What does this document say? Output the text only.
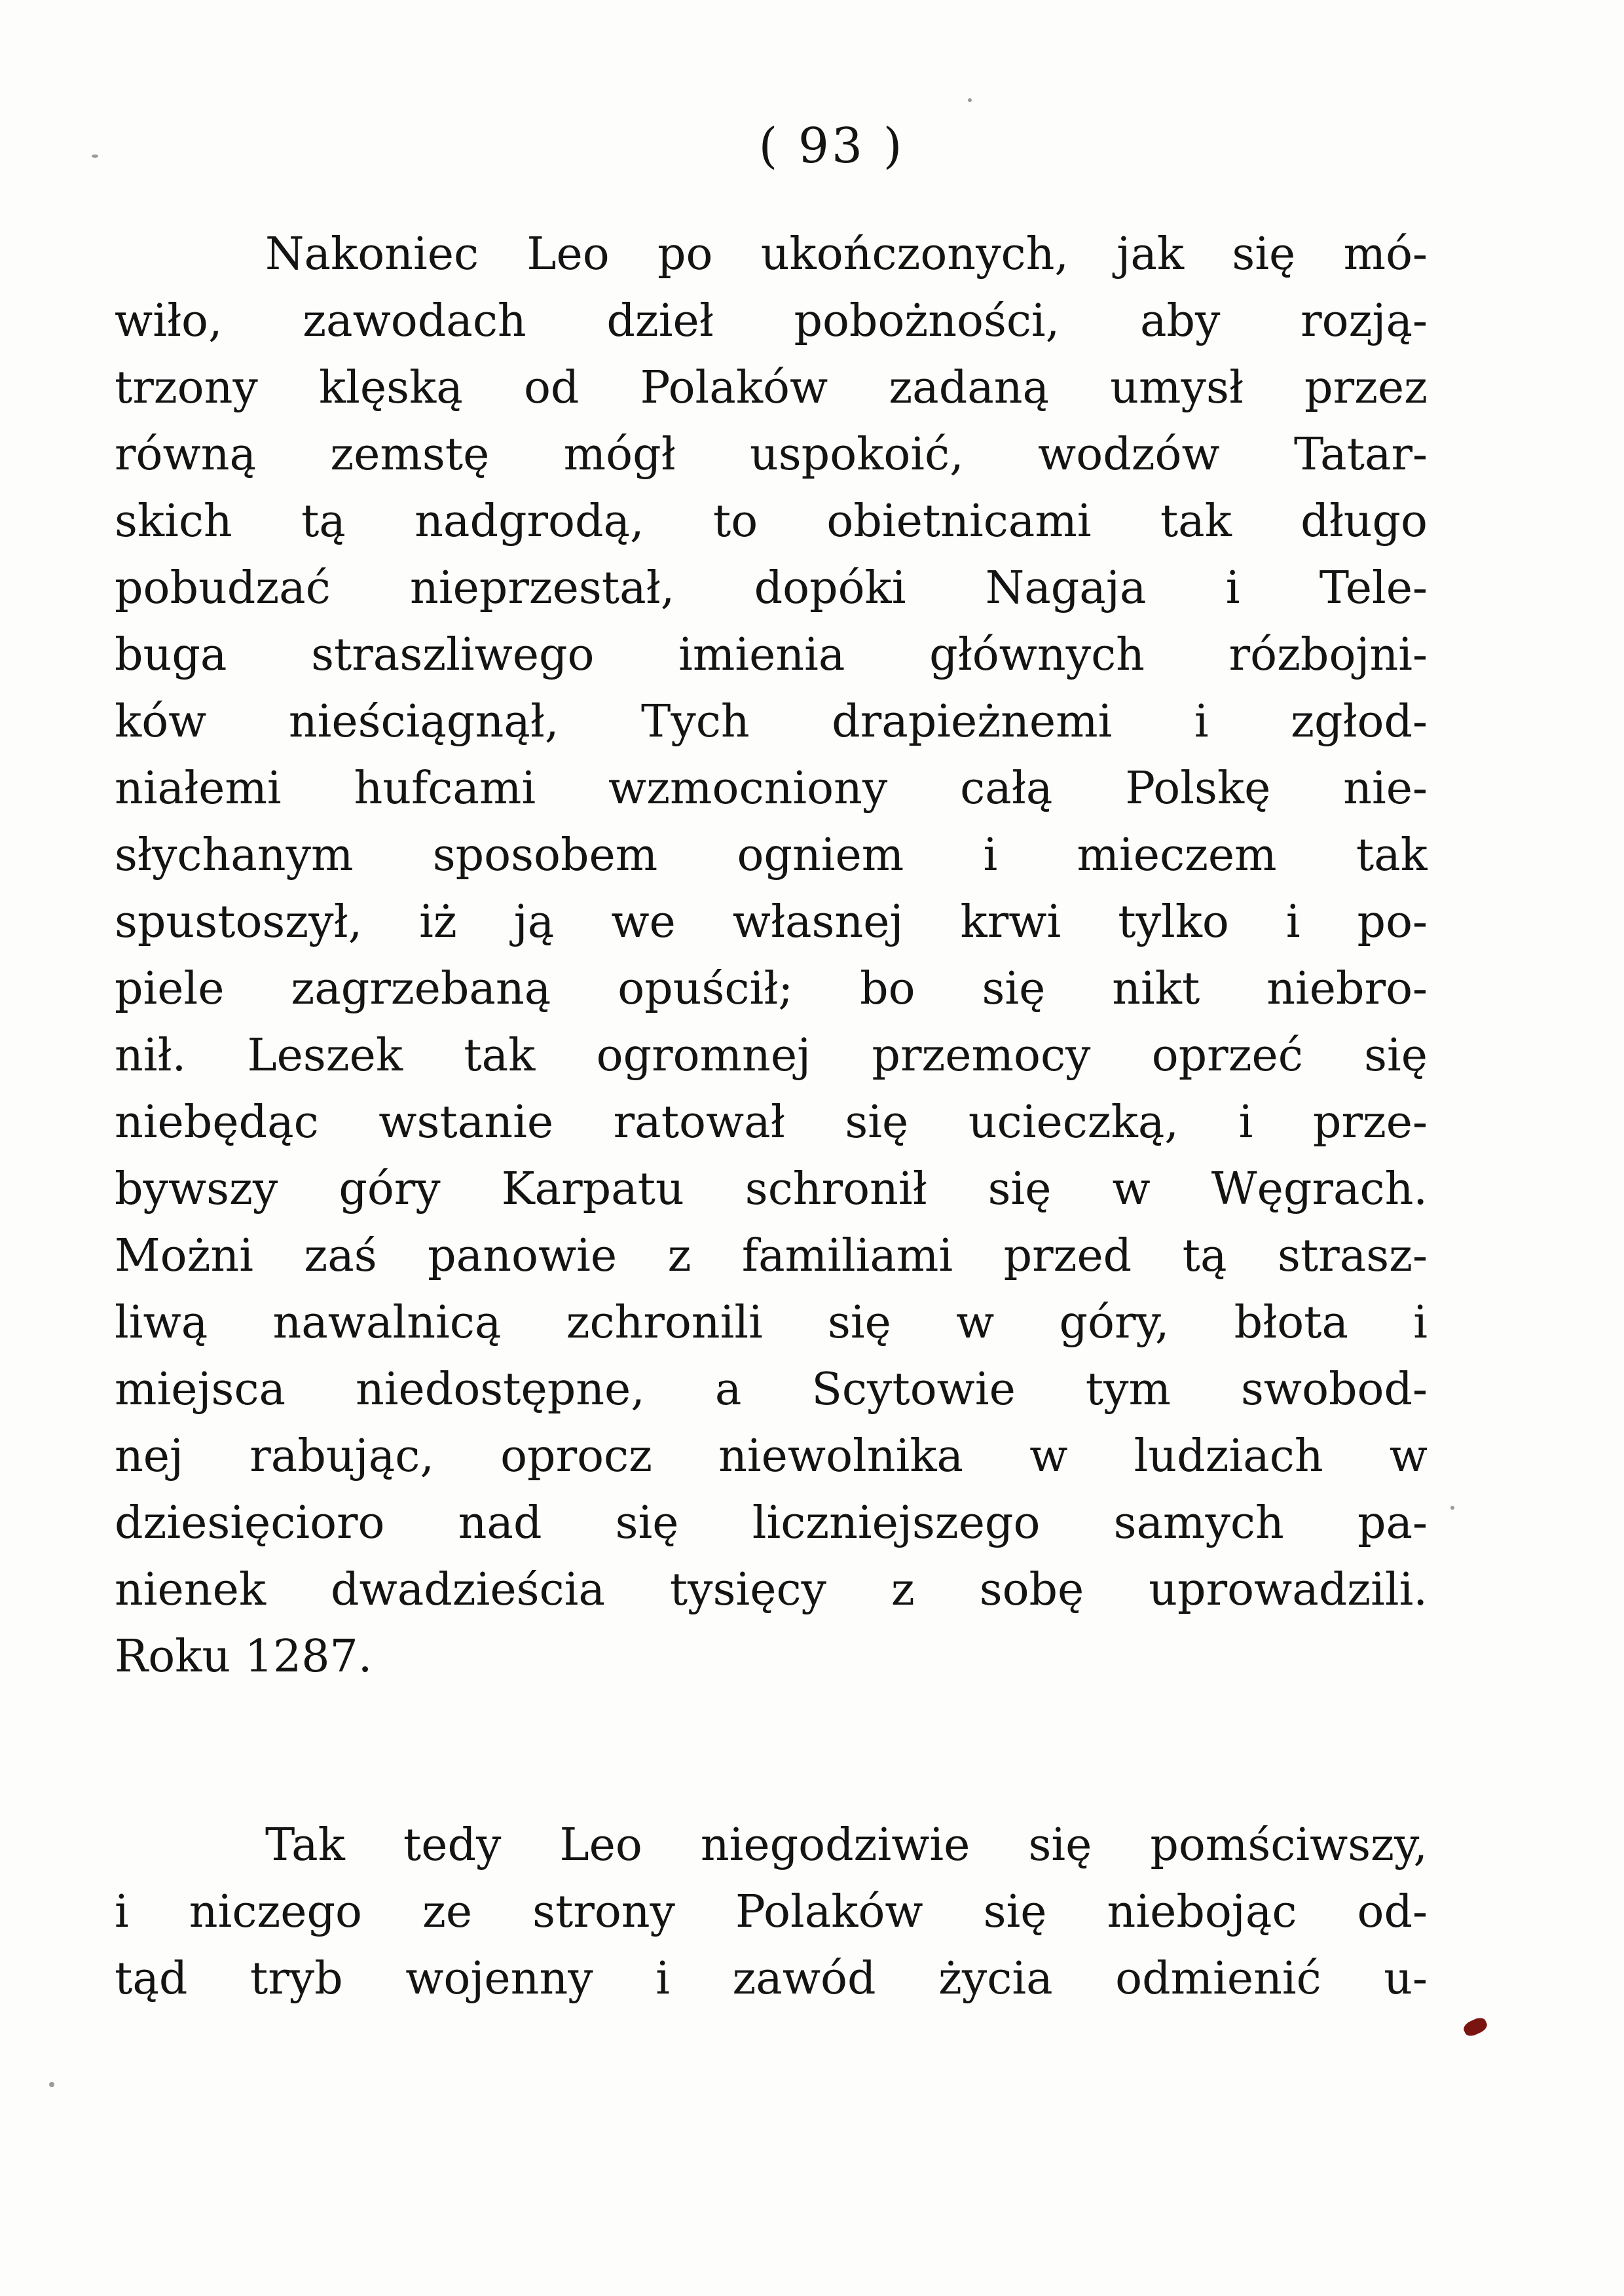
( 93 )
Nakoniec Leo po ukończonych, jak się mó-
wiło, zawodach dzieł pobożności, aby rozją-
trzony klęską od Polaków zadaną umysł przez
równą zemstę mógł uspokoić, wodzów Tatar-
skich tą nadgrodą, to obietnicami tak długo
pobudzać nieprzestał, dopóki Nagaja i Tele-
buga straszliwego imienia głównych rózbojni-
ków nieściągnął, Tych drapieżnemi i zgłod-
niałemi hufcami wzmocniony całą Polskę nie-
słychanym sposobem ogniem i mieczem tak
spustoszył, iż ją we własnej krwi tylko i po-
piele zagrzebaną opuścił; bo się nikt niebro-
nił. Leszek tak ogromnej przemocy oprzeć się
niebędąc wstanie ratował się ucieczką, i prze-
bywszy góry Karpatu schronił się w Węgrach.
Możni zaś panowie z familiami przed tą strasz-
liwą nawalnicą zchronili się w góry, błota i
miejsca niedostępne, a Scytowie tym swobod-
nej rabując, oprocz niewolnika w ludziach w
dziesięcioro nad się liczniejszego samych pa-
nienek dwadzieścia tysięcy z sobę uprowadzili.
Roku 1287.
Tak tedy Leo niegodziwie się pomściwszy,
i niczego ze strony Polaków się niebojąc od-
tąd tryb wojenny i zawód życia odmienić u-
